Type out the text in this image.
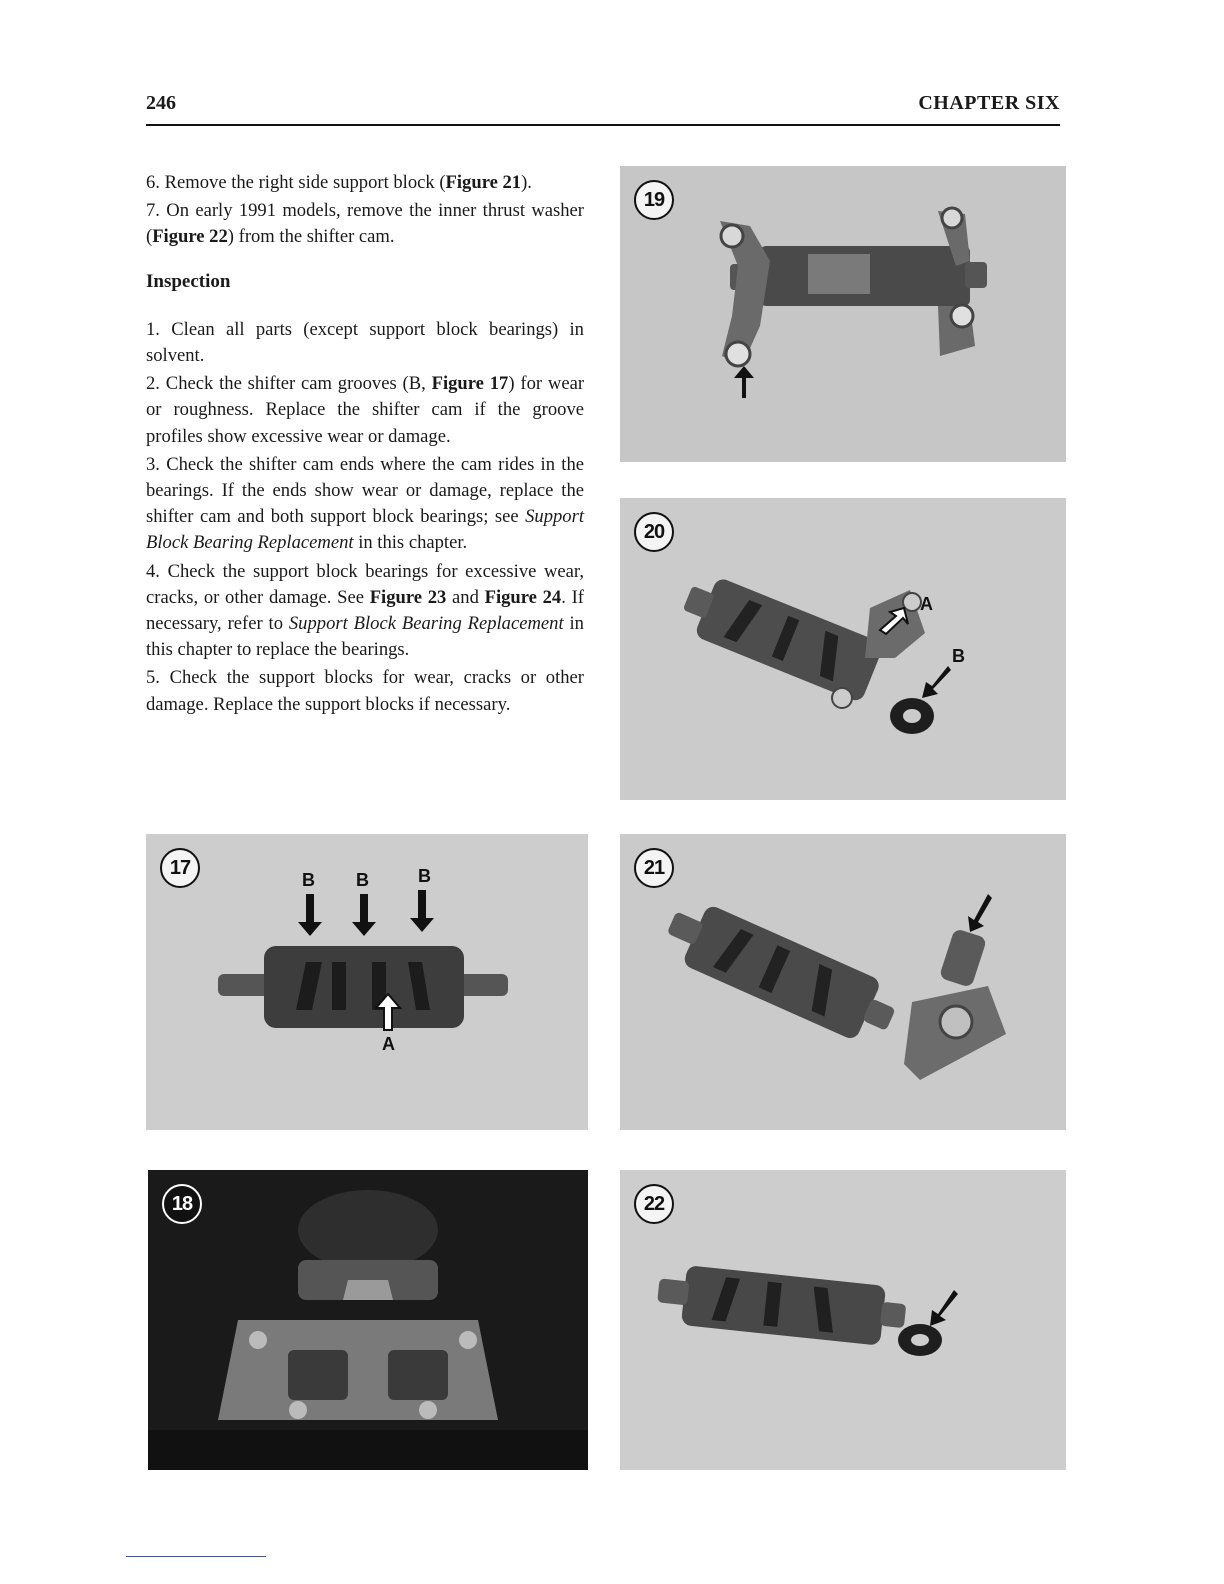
246	CHAPTER SIX

6. Remove the right side support block (Figure 21).

7. On early 1991 models, remove the inner thrust washer (Figure 22) from the shifter cam.

Inspection

1. Clean all parts (except support block bearings) in solvent.

2. Check the shifter cam grooves (B, Figure 17) for wear or roughness. Replace the shifter cam if the groove profiles show excessive wear or damage.

3. Check the shifter cam ends where the cam rides in the bearings. If the ends show wear or damage, replace the shifter cam and both support block bearings; see Support Block Bearing Replacement in this chapter.

4. Check the support block bearings for excessive wear, cracks, or other damage. See Figure 23 and Figure 24. If necessary, refer to Support Block Bearing Replacement in this chapter to replace the bearings.

5. Check the support blocks for wear, cracks or other damage. Replace the support blocks if necessary.

19
20
A
B
17
B B	B
A
21
18	22
